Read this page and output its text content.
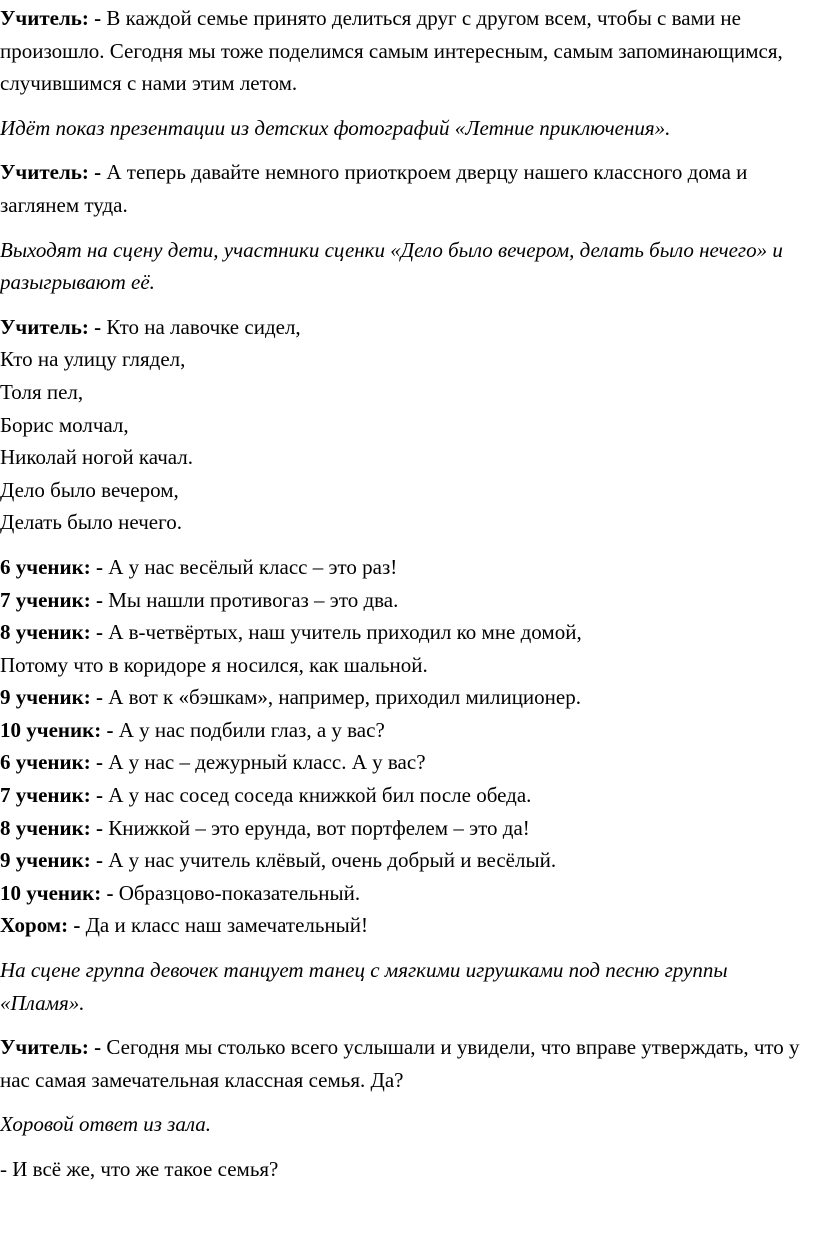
Учитель: - В каждой семье принято делиться друг с другом всем, чтобы с вами не произошло. Сегодня мы тоже поделимся самым интересным, самым запоминающимся, случившимся с нами этим летом.
Идёт показ презентации из детских фотографий «Летние приключения».
Учитель: - А теперь давайте немного приоткроем дверцу нашего классного дома и заглянем туда.
Выходят на сцену дети, участники сценки «Дело было вечером, делать было нечего» и разыгрывают её.
Учитель: - Кто на лавочке сидел,
Кто на улицу глядел,
Толя пел,
Борис молчал,
Николай ногой качал.
Дело было вечером,
Делать было нечего.
6 ученик: - А у нас весёлый класс – это раз!
7 ученик: - Мы нашли противогаз – это два.
8 ученик: - А в-четвёртых, наш учитель приходил ко мне домой,
Потому что в коридоре я носился, как шальной.
9 ученик: - А вот к «бэшкам», например, приходил милиционер.
10 ученик: - А у нас подбили глаз, а у вас?
6 ученик: - А у нас – дежурный класс. А у вас?
7 ученик: - А у нас сосед соседа книжкой бил после обеда.
8 ученик: - Книжкой – это ерунда, вот портфелем – это да!
9 ученик: - А у нас учитель клёвый, очень добрый и весёлый.
10 ученик: - Образцово-показательный.
Хором: - Да и класс наш замечательный!
На сцене группа девочек танцует танец с мягкими игрушками под песню группы «Пламя».
Учитель: - Сегодня мы столько всего услышали и увидели, что вправе утверждать, что у нас самая замечательная классная семья. Да?
Хоровой ответ из зала.
- И всё же, что же такое семья?
